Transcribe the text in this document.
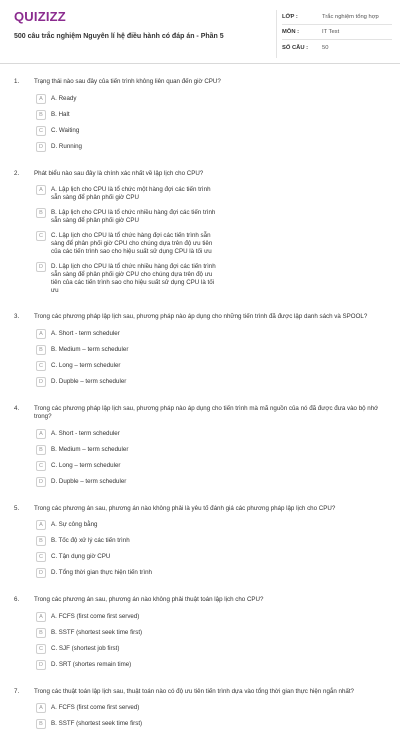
QUIZIZZ
500 câu trắc nghiệm Nguyên lí hệ điều hành có đáp án - Phần 5
LỚP :	Trắc nghiệm tổng hợp
MÔN :	IT Test
SỐ CÂU :	50
1.	Trạng thái nào sau đây của tiến trình không liên quan đến giờ CPU?
A	A. Ready
B	B. Halt
C	C. Waiting
D	D. Running
2.	Phát biểu nào sau đây là chính xác nhất về lập lịch cho CPU?
A	A. Lập lịch cho CPU là tổ chức một hàng đợi các tiến trình sẵn sàng để phân phối giờ CPU
B	B. Lập lịch cho CPU là tổ chức nhiều hàng đợi các tiến trình sẵn sàng để phân phối giờ CPU
C	C. Lập lịch cho CPU là tổ chức hàng đợi các tiến trình sẵn sàng để phân phối giờ CPU cho chúng dựa trên độ ưu tiên của các tiến trình sao cho hiệu suất sử dụng CPU là tối ưu
D	D. Lập lịch cho CPU là tổ chức nhiều hàng đợi các tiến trình sẵn sàng để phân phối giờ CPU cho chúng dựa trên độ ưu tiên của các tiến trình sao cho hiệu suất sử dụng CPU là tối ưu
3.	Trong các phương pháp lập lịch sau, phương pháp nào áp dụng cho những tiến trình đã được lập danh sách và SPOOL?
A	A. Short - term scheduler
B	B. Medium – term scheduler
C	C. Long – term scheduler
D	D. Dupble – term scheduler
4.	Trong các phương pháp lập lịch sau, phương pháp nào áp dụng cho tiến trình mà mã nguồn của nó đã được đưa vào bộ nhớ trong?
A	A. Short - term scheduler
B	B. Medium – term scheduler
C	C. Long – term scheduler
D	D. Dupble – term scheduler
5.	Trong các phương án sau, phương án nào không phải là yêu tố đánh giá các phương pháp lập lịch cho CPU?
A	A. Sự công bằng
B	B. Tốc độ xử lý các tiến trình
C	C. Tận dụng giờ CPU
D	D. Tổng thời gian thực hiện tiến trình
6.	Trong các phương án sau, phương án nào không phải thuật toán lập lịch cho CPU?
A	A. FCFS (first come first served)
B	B. SSTF (shortest seek time first)
C	C. SJF (shortest job first)
D	D. SRT (shortes remain time)
7.	Trong các thuật toán lập lịch sau, thuật toán nào có độ ưu tiên tiến trình dựa vào tổng thời gian thực hiện ngắn nhất?
A	A. FCFS (first come first served)
B	B. SSTF (shortest seek time first)
